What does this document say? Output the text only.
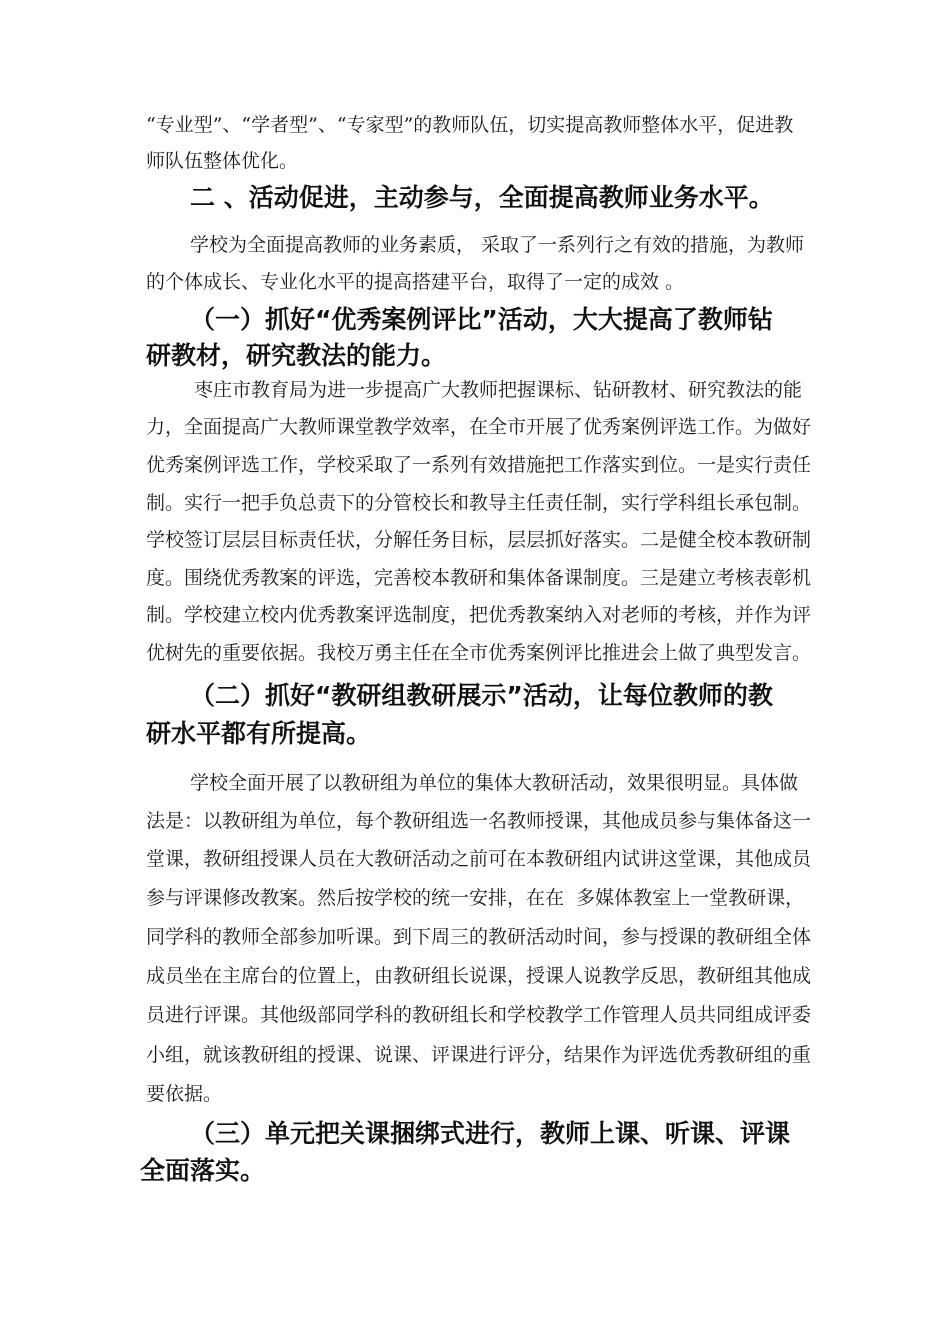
“专业型”、“学者型”、“专家型”的教师队伍，切实提高教师整体水平，促进教
师队伍整体优化。
二 、活动促进，主动参与，全面提高教师业务水平。
学校为全面提高教师的业务素质， 采取了一系列行之有效的措施，为教师
的个体成长、专业化水平的提高搭建平台，取得了一定的成效 。
（一）抓好“优秀案例评比”活动，大大提高了教师钻
研教材，研究教法的能力。
枣庄市教育局为进一步提高广大教师把握课标、钻研教材、研究教法的能
力，全面提高广大教师课堂教学效率，在全市开展了优秀案例评选工作。为做好
优秀案例评选工作，学校采取了一系列有效措施把工作落实到位。一是实行责任
制。实行一把手负总责下的分管校长和教导主任责任制，实行学科组长承包制。
学校签订层层目标责任状，分解任务目标，层层抓好落实。二是健全校本教研制
度。围绕优秀教案的评选，完善校本教研和集体备课制度。三是建立考核表彰机
制。学校建立校内优秀教案评选制度，把优秀教案纳入对老师的考核，并作为评
优树先的重要依据。我校万勇主任在全市优秀案例评比推进会上做了典型发言。
（二）抓好“教研组教研展示”活动，让每位教师的教
研水平都有所提高。
学校全面开展了以教研组为单位的集体大教研活动，效果很明显。具体做
法是：以教研组为单位，每个教研组选一名教师授课，其他成员参与集体备这一
堂课，教研组授课人员在大教研活动之前可在本教研组内试讲这堂课，其他成员
参与评课修改教案。然后按学校的统一安排，在在  多媒体教室上一堂教研课，
同学科的教师全部参加听课。到下周三的教研活动时间，参与授课的教研组全体
成员坐在主席台的位置上，由教研组长说课，授课人说教学反思，教研组其他成
员进行评课。其他级部同学科的教研组长和学校教学工作管理人员共同组成评委
小组，就该教研组的授课、说课、评课进行评分，结果作为评选优秀教研组的重
要依据。
（三）单元把关课捆绑式进行，教师上课、听课、评课
全面落实。
